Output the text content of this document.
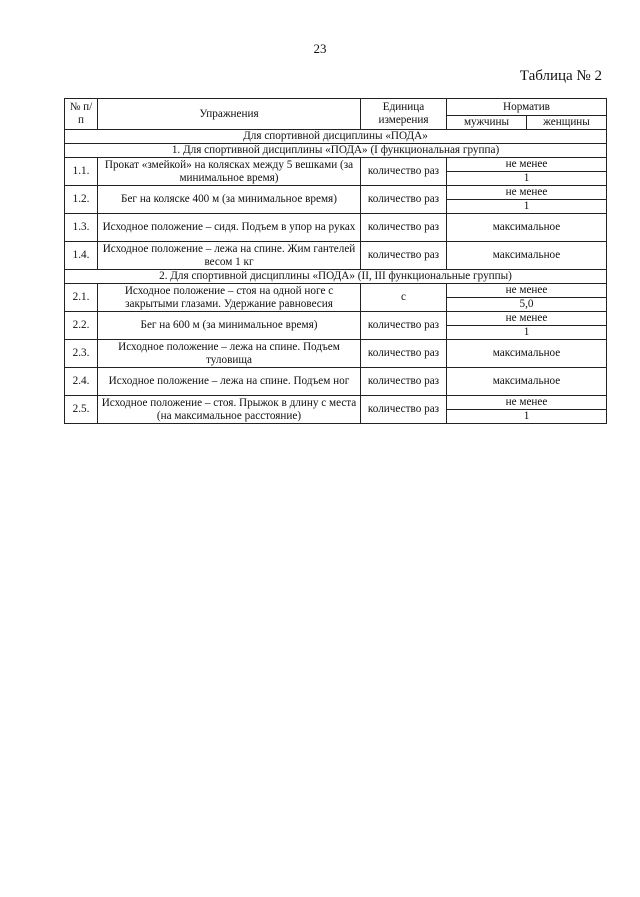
23
Таблица № 2
№ п/п	Упражнения	Единица измерения	Норматив	
			мужчины	женщины
Для спортивной дисциплины «ПОДА»				
1. Для спортивной дисциплины «ПОДА» (I функциональная группа)				
1.1.	Прокат «змейкой» на колясках между 5 вешками (за минимальное время)	количество раз	не менее	
			1	
1.2.	Бег на коляске 400 м (за минимальное время)	количество раз	не менее	
			1	
1.3.	Исходное положение – сидя. Подъем в упор на руках	количество раз	максимальное	
1.4.	Исходное положение – лежа на спине. Жим гантелей весом 1 кг	количество раз	максимальное	
2. Для спортивной дисциплины «ПОДА» (II, III функциональные группы)				
2.1.	Исходное положение – стоя на одной ноге с закрытыми глазами. Удержание равновесия	с	не менее	
			5,0	
2.2.	Бег на 600 м (за минимальное время)	количество раз	не менее	
			1	
2.3.	Исходное положение – лежа на спине. Подъем туловища	количество раз	максимальное	
2.4.	Исходное положение – лежа на спине. Подъем ног	количество раз	максимальное	
2.5.	Исходное положение – стоя. Прыжок в длину с места (на максимальное расстояние)	количество раз	не менее	
			1	
